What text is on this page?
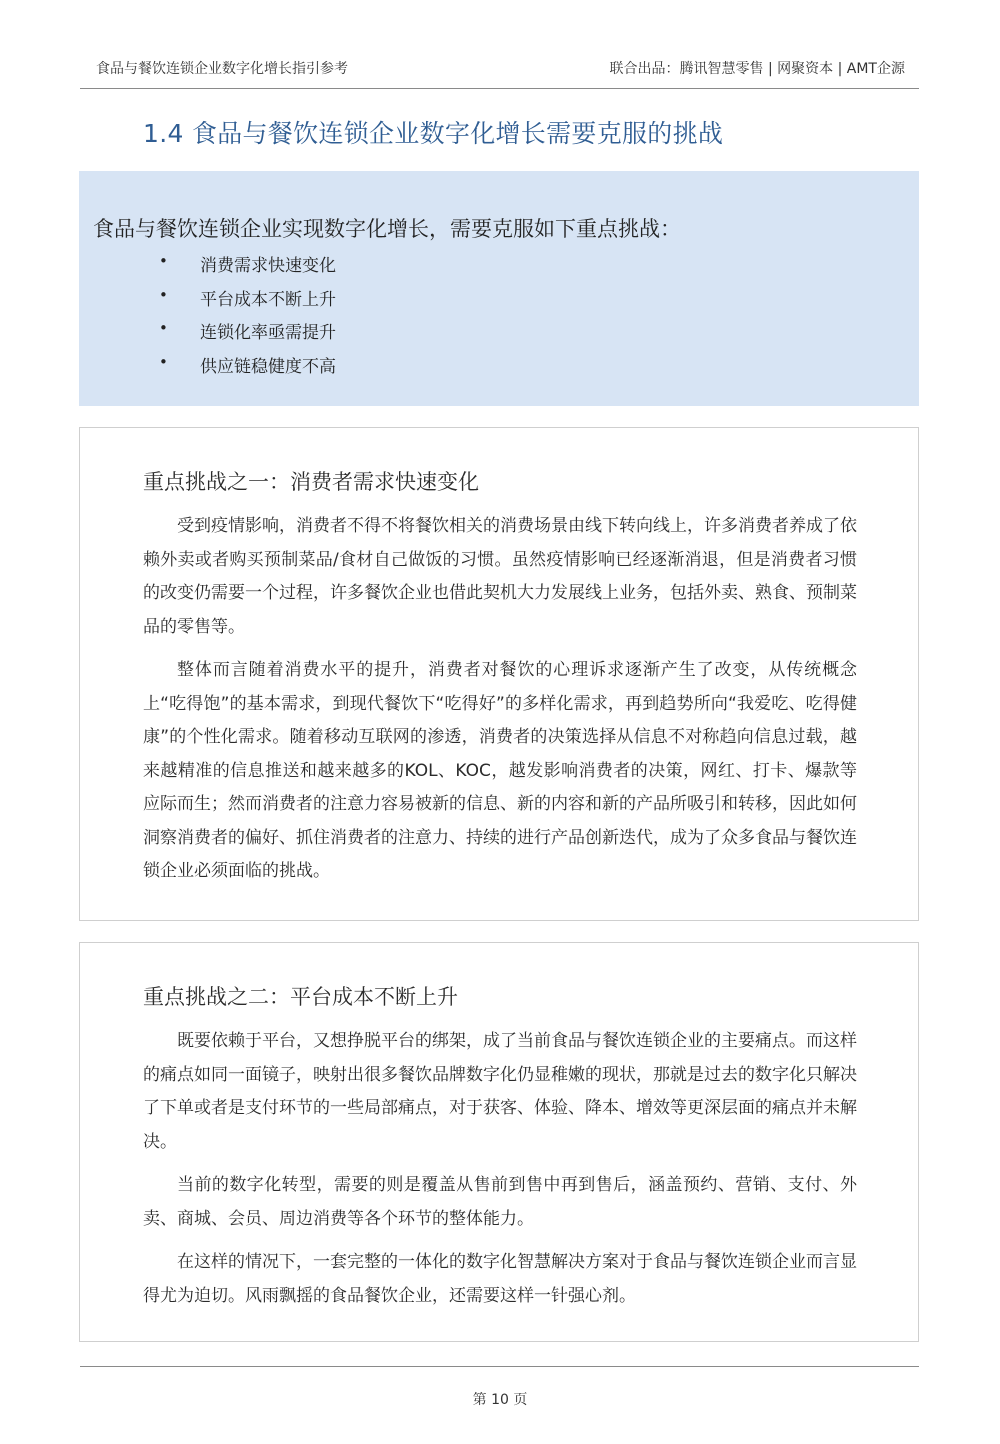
食品与餐饮连锁企业数字化增长指引参考	联合出品：腾讯智慧零售 | 网聚资本 | AMT企源
1.4 食品与餐饮连锁企业数字化增长需要克服的挑战
食品与餐饮连锁企业实现数字化增长，需要克服如下重点挑战：
• 消费需求快速变化
• 平台成本不断上升
• 连锁化率亟需提升
• 供应链稳健度不高
重点挑战之一：消费者需求快速变化

受到疫情影响，消费者不得不将餐饮相关的消费场景由线下转向线上，许多消费者养成了依赖外卖或者购买预制菜品/食材自己做饭的习惯。虽然疫情影响已经逐渐消退，但是消费者习惯的改变仍需要一个过程，许多餐饮企业也借此契机大力发展线上业务，包括外卖、熟食、预制菜品的零售等。

整体而言随着消费水平的提升，消费者对餐饮的心理诉求逐渐产生了改变，从传统概念上“吃得饱”的基本需求，到现代餐饮下“吃得好”的多样化需求，再到趋势所向“我爱吃、吃得健康”的个性化需求。随着移动互联网的渗透，消费者的决策选择从信息不对称趋向信息过载，越来越精准的信息推送和越来越多的KOL、KOC，越发影响消费者的决策，网红、打卡、爆款等应际而生；然而消费者的注意力容易被新的信息、新的内容和新的产品所吸引和转移，因此如何洞察消费者的偏好、抓住消费者的注意力、持续的进行产品创新迭代，成为了众多食品与餐饮连锁企业必须面临的挑战。

重点挑战之二：平台成本不断上升

既要依赖于平台，又想挣脱平台的绑架，成了当前食品与餐饮连锁企业的主要痛点。而这样的痛点如同一面镜子，映射出很多餐饮品牌数字化仍显稚嫩的现状，那就是过去的数字化只解决了下单或者是支付环节的一些局部痛点，对于获客、体验、降本、增效等更深层面的痛点并未解决。

当前的数字化转型，需要的则是覆盖从售前到售中再到售后，涵盖预约、营销、支付、外卖、商城、会员、周边消费等各个环节的整体能力。

在这样的情况下，一套完整的一体化的数字化智慧解决方案对于食品与餐饮连锁企业而言显得尤为迫切。风雨飘摇的食品餐饮企业，还需要这样一针强心剂。

第 10 页
